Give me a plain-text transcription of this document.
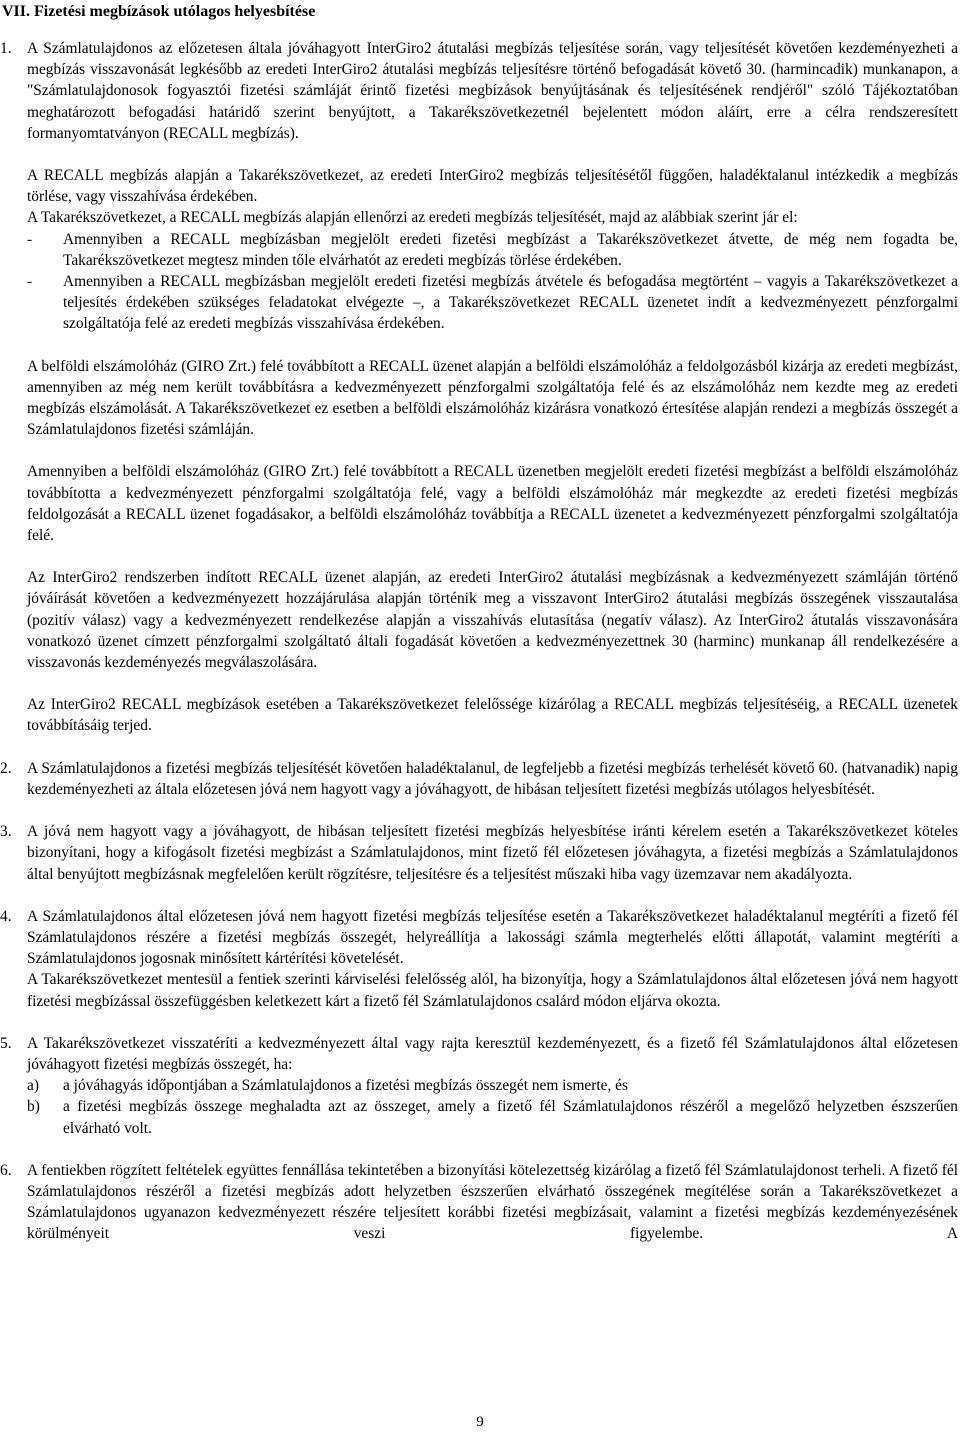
VII. Fizetési megbízások utólagos helyesbítése
1.	A Számlatulajdonos az előzetesen általa jóváhagyott InterGiro2 átutalási megbízás teljesítése során, vagy teljesítését követően kezdeményezheti a megbízás visszavonását legkésőbb az eredeti InterGiro2 átutalási megbízás teljesítésre történő befogadását követő 30. (harmincadik) munkanapon, a "Számlatulajdonosok fogyasztói fizetési számláját érintő fizetési megbízások benyújtásának és teljesítésének rendjéről" szóló Tájékoztatóban meghatározott befogadási határidő szerint benyújtott, a Takarékszövetkezetnél bejelentett módon aláírt, erre a célra rendszeresített formanyomtatványon (RECALL megbízás).

A RECALL megbízás alapján a Takarékszövetkezet, az eredeti InterGiro2 megbízás teljesítésétől függően, haladéktalanul intézkedik a megbízás törlése, vagy visszahívása érdekében.

A Takarékszövetkezet, a RECALL megbízás alapján ellenőrzi az eredeti megbízás teljesítését, majd az alábbiak szerint jár el:

-	Amennyiben a RECALL megbízásban megjelölt eredeti fizetési megbízást a Takarékszövetkezet átvette, de még nem fogadta be, Takarékszövetkezet megtesz minden tőle elvárhatót az eredeti megbízás törlése érdekében.

-	Amennyiben a RECALL megbízásban megjelölt eredeti fizetési megbízás átvétele és befogadása megtörtént – vagyis a Takarékszövetkezet a teljesítés érdekében szükséges feladatokat elvégezte –, a Takarékszövetkezet RECALL üzenetet indít a kedvezményezett pénzforgalmi szolgáltatója felé az eredeti megbízás visszahívása érdekében.

A belföldi elszámolóház (GIRO Zrt.) felé továbbított a RECALL üzenet alapján a belföldi elszámolóház a feldolgozásból kizárja az eredeti megbízást, amennyiben az még nem került továbbításra a kedvezményezett pénzforgalmi szolgáltatója felé és az elszámolóház nem kezdte meg az eredeti megbízás elszámolását. A Takarékszövetkezet ez esetben a belföldi elszámolóház kizárásra vonatkozó értesítése alapján rendezi a megbízás összegét a Számlatulajdonos fizetési számláján.

Amennyiben a belföldi elszámolóház (GIRO Zrt.) felé továbbított a RECALL üzenetben megjelölt eredeti fizetési megbízást a belföldi elszámolóház továbbította a kedvezményezett pénzforgalmi szolgáltatója felé, vagy a belföldi elszámolóház már megkezdte az eredeti fizetési megbízás feldolgozását a RECALL üzenet fogadásakor, a belföldi elszámolóház továbbítja a RECALL üzenetet a kedvezményezett pénzforgalmi szolgáltatója felé.

Az InterGiro2 rendszerben indított RECALL üzenet alapján, az eredeti InterGiro2 átutalási megbízásnak a kedvezményezett számláján történő jóváírását követően a kedvezményezett hozzájárulása alapján történik meg a visszavont InterGiro2 átutalási megbízás összegének visszautalása (pozitív válasz) vagy a kedvezményezett rendelkezése alapján a visszahívás elutasítása (negatív válasz). Az InterGiro2 átutalás visszavonására vonatkozó üzenet címzett pénzforgalmi szolgáltató általi fogadását követően a kedvezményezettnek 30 (harminc) munkanap áll rendelkezésére a visszavonás kezdeményezés megválaszolására.

Az InterGiro2 RECALL megbízások esetében a Takarékszövetkezet felelőssége kizárólag a RECALL megbízás teljesítéséig, a RECALL üzenetek továbbításáig terjed.

2.	A Számlatulajdonos a fizetési megbízás teljesítését követően haladéktalanul, de legfeljebb a fizetési megbízás terhelését követő 60. (hatvanadik) napig kezdeményezheti az általa előzetesen jóvá nem hagyott vagy a jóváhagyott, de hibásan teljesített fizetési megbízás utólagos helyesbítését.

3.	A jóvá nem hagyott vagy a jóváhagyott, de hibásan teljesített fizetési megbízás helyesbítése iránti kérelem esetén a Takarékszövetkezet köteles bizonyítani, hogy a kifogásolt fizetési megbízást a Számlatulajdonos, mint fizető fél előzetesen jóváhagyta, a fizetési megbízás a Számlatulajdonos által benyújtott megbízásnak megfelelően került rögzítésre, teljesítésre és a teljesítést műszaki hiba vagy üzemzavar nem akadályozta.

4.	A Számlatulajdonos által előzetesen jóvá nem hagyott fizetési megbízás teljesítése esetén a Takarékszövetkezet haladéktalanul megtéríti a fizető fél Számlatulajdonos részére a fizetési megbízás összegét, helyreállítja a lakossági számla megterhelés előtti állapotát, valamint megtéríti a Számlatulajdonos jogosnak minősített kártérítési követelését.

A Takarékszövetkezet mentesül a fentiek szerinti kárviselési felelősség alól, ha bizonyítja, hogy a Számlatulajdonos által előzetesen jóvá nem hagyott fizetési megbízással összefüggésben keletkezett kárt a fizető fél Számlatulajdonos csalárd módon eljárva okozta.

5.	A Takarékszövetkezet visszatéríti a kedvezményezett által vagy rajta keresztül kezdeményezett, és a fizető fél Számlatulajdonos által előzetesen jóváhagyott fizetési megbízás összegét, ha:

a)	a jóváhagyás időpontjában a Számlatulajdonos a fizetési megbízás összegét nem ismerte, és

b)	a fizetési megbízás összege meghaladta azt az összeget, amely a fizető fél Számlatulajdonos részéről a megelőző helyzetben észszerűen elvárható volt.

6.	A fentiekben rögzített feltételek együttes fennállása tekintetében a bizonyítási kötelezettség kizárólag a fizető fél Számlatulajdonost terheli. A fizető fél Számlatulajdonos részéről a fizetési megbízás adott helyzetben észszerűen elvárható összegének megítélése során a Takarékszövetkezet a Számlatulajdonos ugyanazon kedvezményezett részére teljesített korábbi fizetési megbízásait, valamint a fizetési megbízás kezdeményezésének körülményeit veszi figyelembe. A

9
